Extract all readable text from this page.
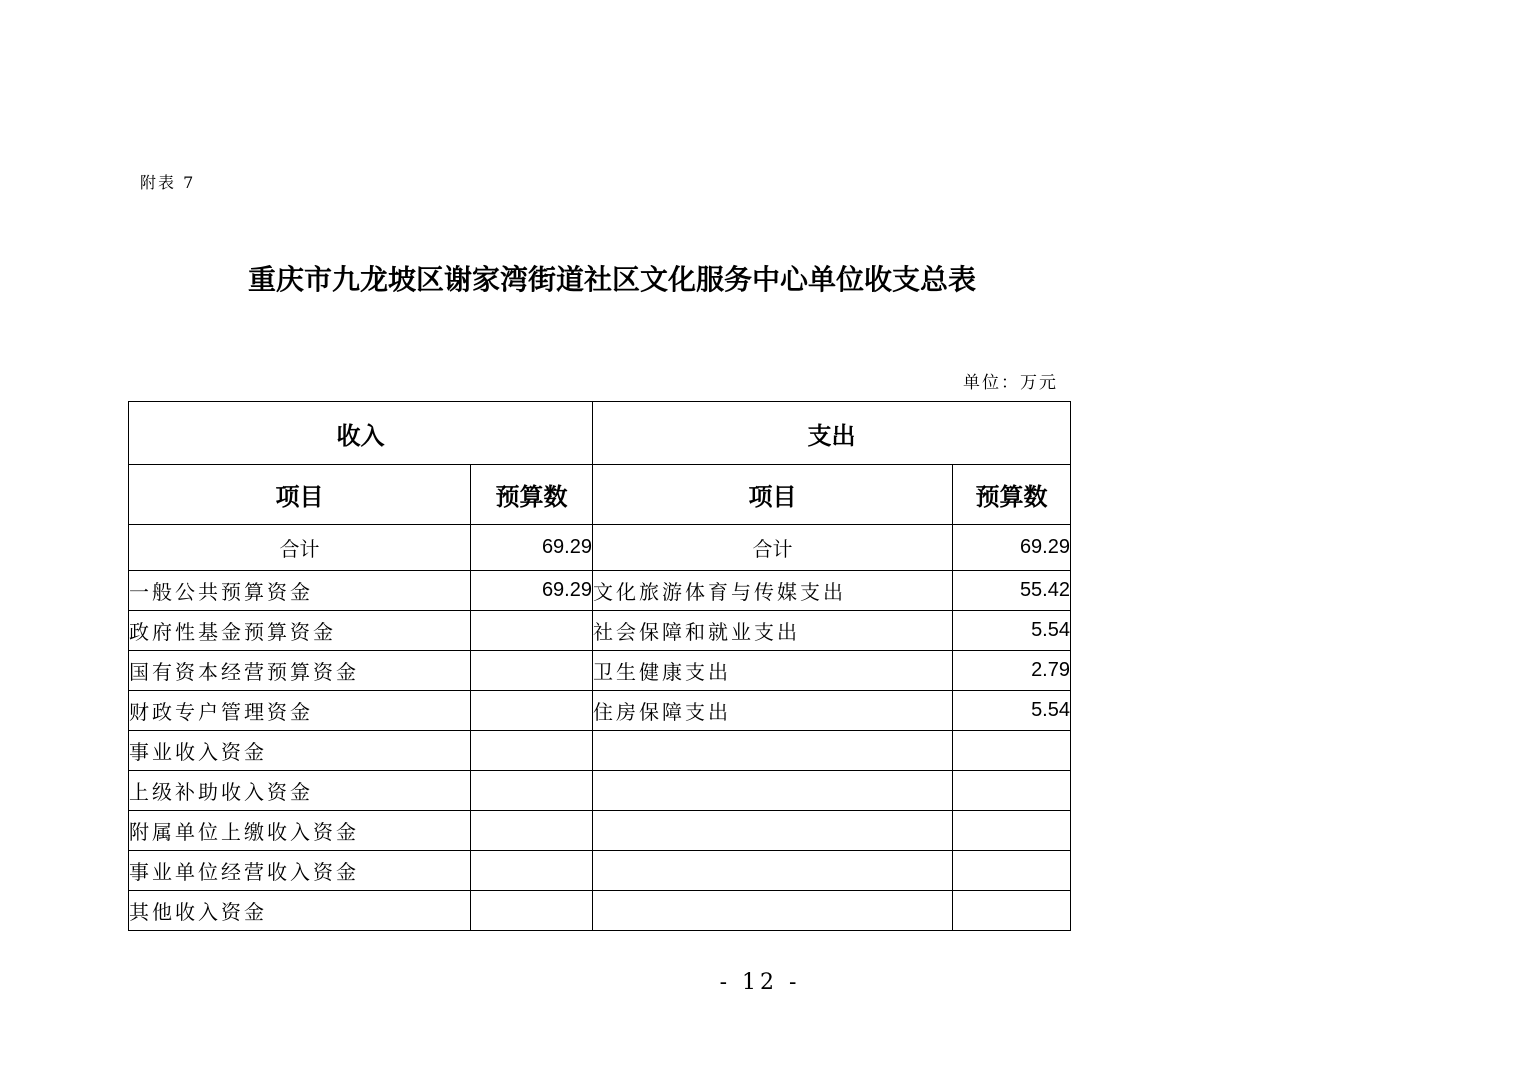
附表 7
重庆市九龙坡区谢家湾街道社区文化服务中心单位收支总表
单位：万元
收入		支出	
项目	预算数	项目	预算数
合计	69.29	合计	69.29
一般公共预算资金	69.29	文化旅游体育与传媒支出	55.42
政府性基金预算资金		社会保障和就业支出	5.54
国有资本经营预算资金		卫生健康支出	2.79
财政专户管理资金		住房保障支出	5.54
事业收入资金			
上级补助收入资金			
附属单位上缴收入资金			
事业单位经营收入资金			
其他收入资金			
- 12 -
